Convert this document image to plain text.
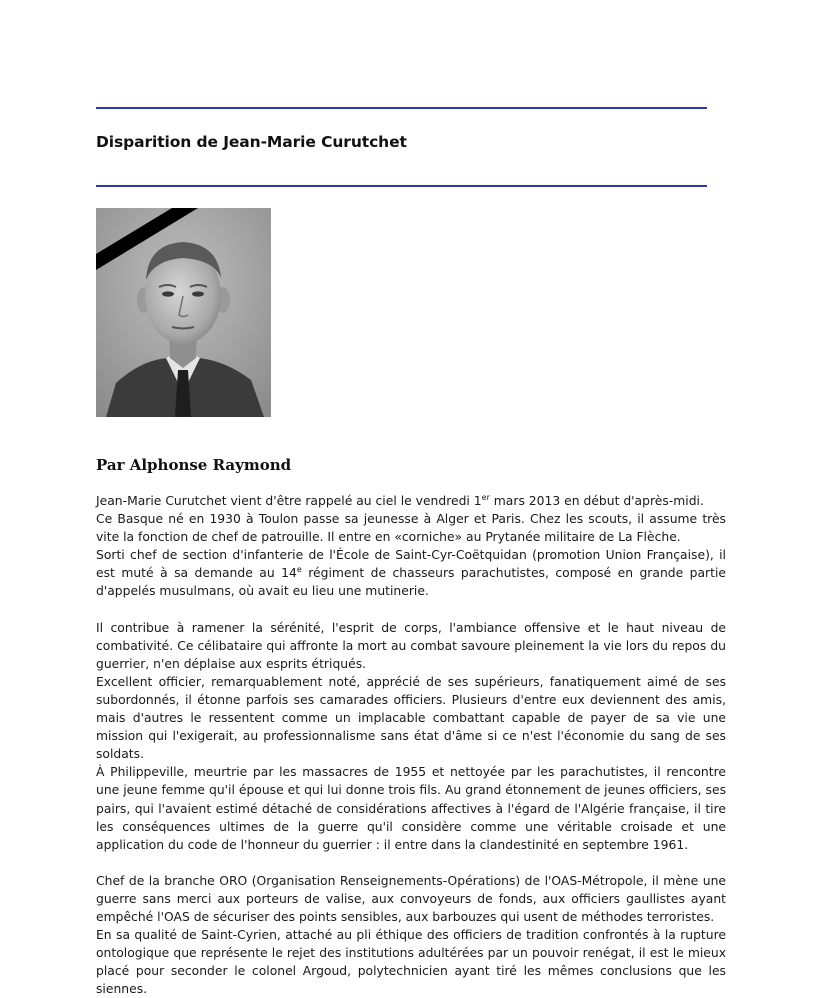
Disparition de Jean-Marie Curutchet
Par Alphonse Raymond

Jean-Marie Curutchet vient d'être rappelé au ciel le vendredi 1er mars 2013 en début d'après-midi.

Ce Basque né en 1930 à Toulon passe sa jeunesse à Alger et Paris. Chez les scouts, il assume très vite la fonction de chef de patrouille. Il entre en «corniche» au Prytanée militaire de La Flèche.

Sorti chef de section d'infanterie de l'École de Saint-Cyr-Coëtquidan (promotion Union Française), il est muté à sa demande au 14e régiment de chasseurs parachutistes, composé en grande partie d'appelés musulmans, où avait eu lieu une mutinerie.

Il contribue à ramener la sérénité, l'esprit de corps, l'ambiance offensive et le haut niveau de combativité. Ce célibataire qui affronte la mort au combat savoure pleinement la vie lors du repos du guerrier, n'en déplaise aux esprits étriqués.

Excellent officier, remarquablement noté, apprécié de ses supérieurs, fanatiquement aimé de ses subordonnés, il étonne parfois ses camarades officiers. Plusieurs d'entre eux deviennent des amis, mais d'autres le ressentent comme un implacable combattant capable de payer de sa vie une mission qui l'exigerait, au professionnalisme sans état d'âme si ce n'est l'économie du sang de ses soldats.

À Philippeville, meurtrie par les massacres de 1955 et nettoyée par les parachutistes, il rencontre une jeune femme qu'il épouse et qui lui donne trois fils. Au grand étonnement de jeunes officiers, ses pairs, qui l'avaient estimé détaché de considérations affectives à l'égard de l'Algérie française, il tire les conséquences ultimes de la guerre qu'il considère comme une véritable croisade et une application du code de l'honneur du guerrier : il entre dans la clandestinité en septembre 1961.

Chef de la branche ORO (Organisation Renseignements-Opérations) de l'OAS-Métropole, il mène une guerre sans merci aux porteurs de valise, aux convoyeurs de fonds, aux officiers gaullistes ayant empêché l'OAS de sécuriser des points sensibles, aux barbouzes qui usent de méthodes terroristes.

En sa qualité de Saint-Cyrien, attaché au pli éthique des officiers de tradition confrontés à la rupture ontologique que représente le rejet des institutions adultérées par un pouvoir renégat, il est le mieux placé pour seconder le colonel Argoud, polytechnicien ayant tiré les mêmes conclusions que les siennes.
